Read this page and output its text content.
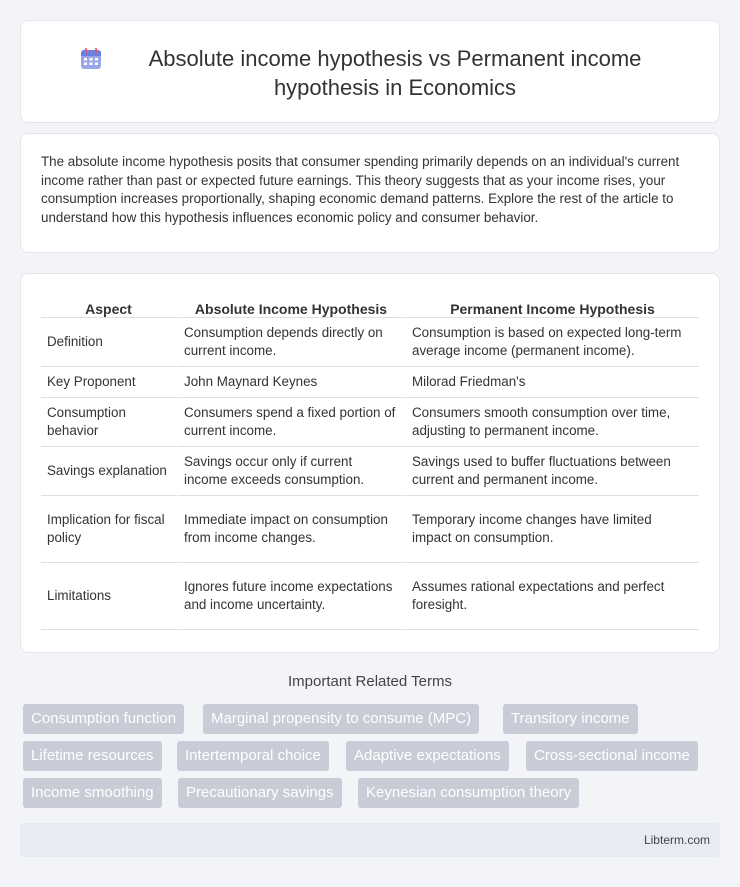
Absolute income hypothesis vs Permanent income hypothesis in Economics

The absolute income hypothesis posits that consumer spending primarily depends on an individual's current income rather than past or expected future earnings. This theory suggests that as your income rises, your consumption increases proportionally, shaping economic demand patterns. Explore the rest of the article to understand how this hypothesis influences economic policy and consumer behavior.

Aspect	Absolute Income Hypothesis	Permanent Income Hypothesis
Definition	Consumption depends directly on current income.	Consumption is based on expected long-term average income (permanent income).
Key Proponent	John Maynard Keynes	Milorad Friedman's
Consumption behavior	Consumers spend a fixed portion of current income.	Consumers smooth consumption over time, adjusting to permanent income.
Savings explanation	Savings occur only if current income exceeds consumption.	Savings used to buffer fluctuations between current and permanent income.
Implication for fiscal policy	Immediate impact on consumption from income changes.	Temporary income changes have limited impact on consumption.
Limitations	Ignores future income expectations and income uncertainty.	Assumes rational expectations and perfect foresight.
Important Related Terms
Consumption function	Marginal propensity to consume (MPC)	Transitory income
Lifetime resources	Intertemporal choice	Adaptive expectations	Cross-sectional income
Income smoothing	Precautionary savings	Keynesian consumption theory
Libterm.com
